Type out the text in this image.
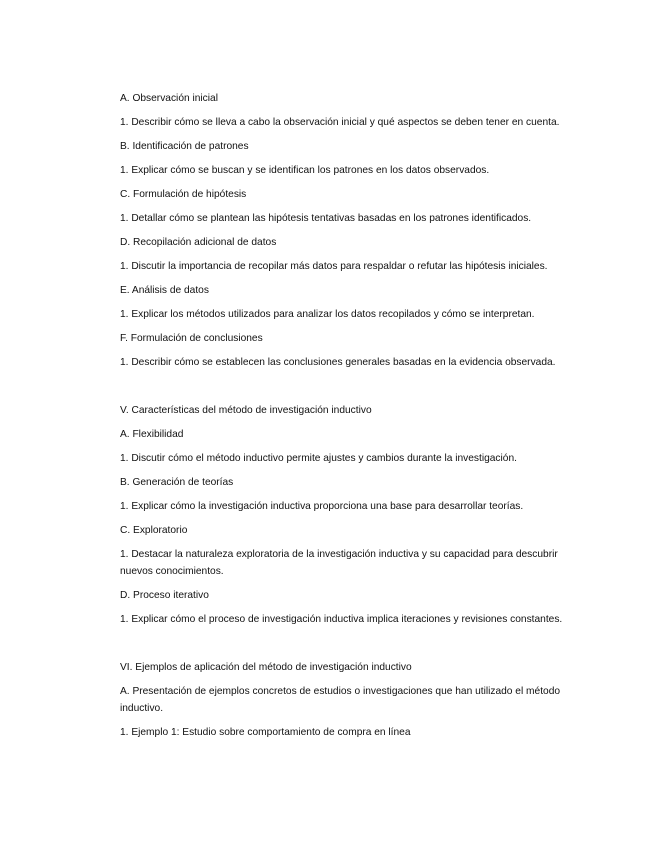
A. Observación inicial

1. Describir cómo se lleva a cabo la observación inicial y qué aspectos se deben tener en cuenta.

B. Identificación de patrones

1. Explicar cómo se buscan y se identifican los patrones en los datos observados.

C. Formulación de hipótesis

1. Detallar cómo se plantean las hipótesis tentativas basadas en los patrones identificados.

D. Recopilación adicional de datos

1. Discutir la importancia de recopilar más datos para respaldar o refutar las hipótesis iniciales.

E. Análisis de datos

1. Explicar los métodos utilizados para analizar los datos recopilados y cómo se interpretan.

F. Formulación de conclusiones

1. Describir cómo se establecen las conclusiones generales basadas en la evidencia observada.

V. Características del método de investigación inductivo

A. Flexibilidad

1. Discutir cómo el método inductivo permite ajustes y cambios durante la investigación.

B. Generación de teorías

1. Explicar cómo la investigación inductiva proporciona una base para desarrollar teorías.

C. Exploratorio

1. Destacar la naturaleza exploratoria de la investigación inductiva y su capacidad para descubrir nuevos conocimientos.

D. Proceso iterativo

1. Explicar cómo el proceso de investigación inductiva implica iteraciones y revisiones constantes.

VI. Ejemplos de aplicación del método de investigación inductivo

A. Presentación de ejemplos concretos de estudios o investigaciones que han utilizado el método inductivo.

1. Ejemplo 1: Estudio sobre comportamiento de compra en línea
